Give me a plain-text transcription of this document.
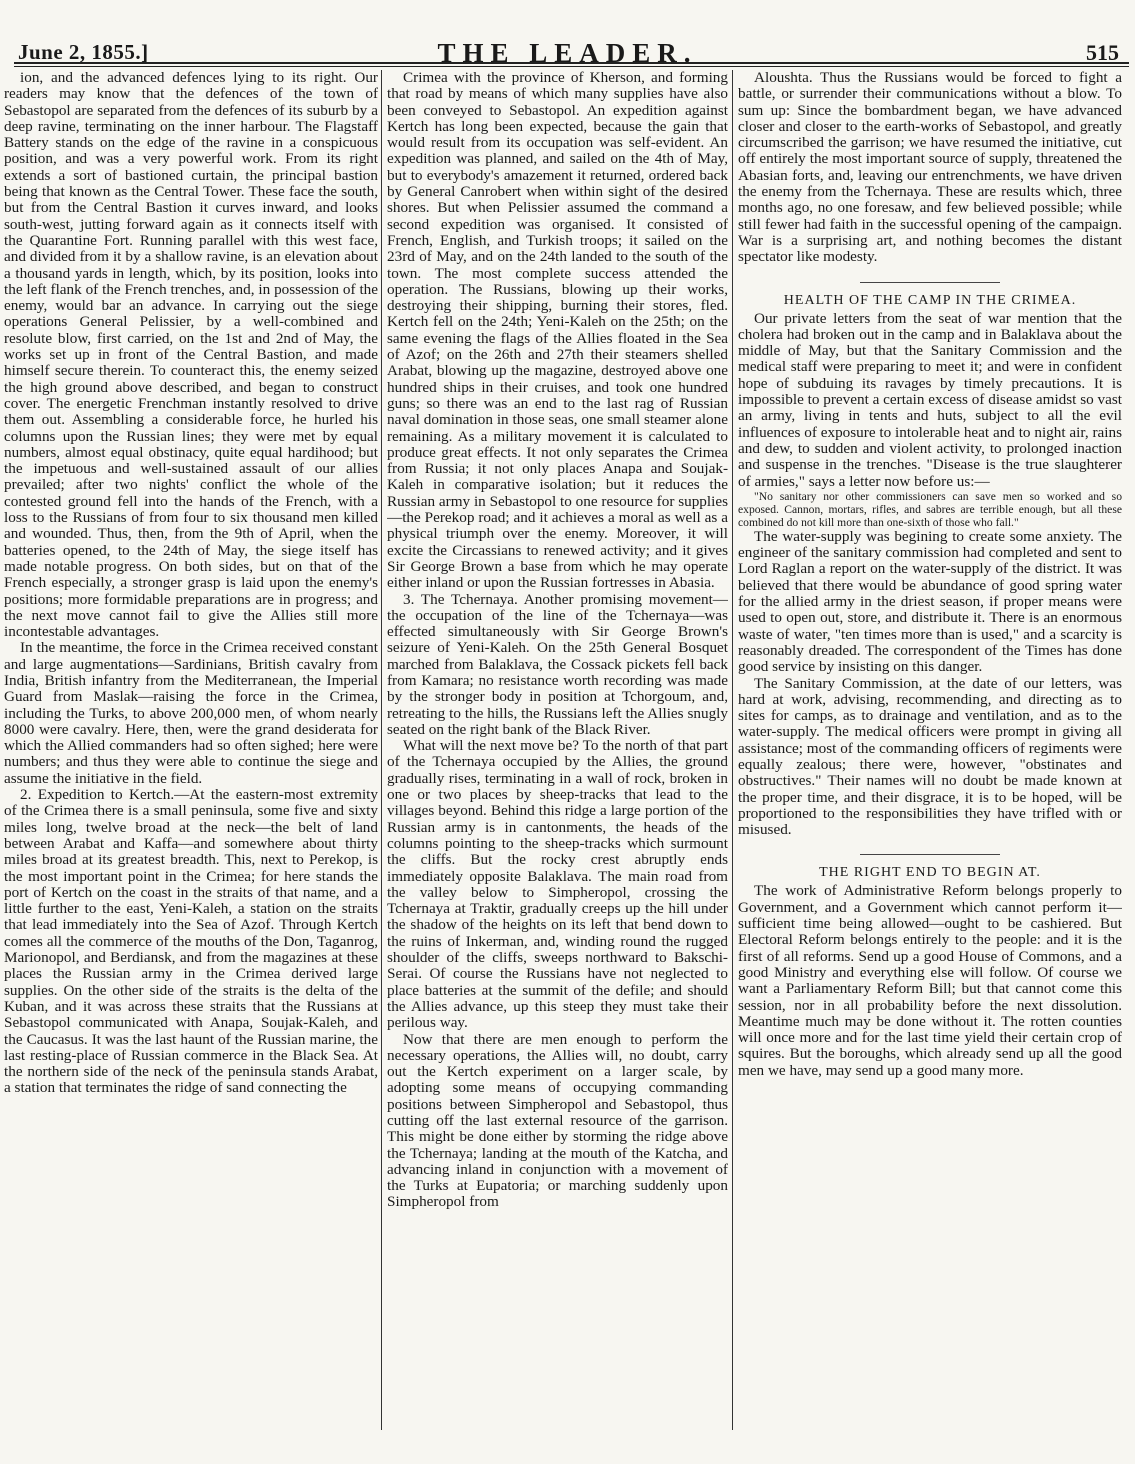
June 2, 1855.]	THE LEADER.	515

ion, and the advanced defences lying to its right. Our readers may know that the defences of the town of Sebastopol are separated from the defences of its suburb by a deep ravine, terminating on the inner harbour. The Flagstaff Battery stands on the edge of the ravine in a conspicuous position, and was a very powerful work. From its right extends a sort of bastioned curtain, the principal bastion being that known as the Central Tower. These face the south, but from the Central Bastion it curves inward, and looks south-west, jutting forward again as it connects itself with the Quarantine Fort. Running parallel with this west face, and divided from it by a shallow ravine, is an elevation about a thousand yards in length, which, by its position, looks into the left flank of the French trenches, and, in possession of the enemy, would bar an advance. In carrying out the siege operations General Pelissier, by a well-combined and resolute blow, first carried, on the 1st and 2nd of May, the works set up in front of the Central Bastion, and made himself secure therein. To counteract this, the enemy seized the high ground above described, and began to construct cover. The energetic Frenchman instantly resolved to drive them out. Assembling a considerable force, he hurled his columns upon the Russian lines; they were met by equal numbers, almost equal obstinacy, quite equal hardihood; but the impetuous and well-sustained assault of our allies prevailed; after two nights' conflict the whole of the contested ground fell into the hands of the French, with a loss to the Russians of from four to six thousand men killed and wounded. Thus, then, from the 9th of April, when the batteries opened, to the 24th of May, the siege itself has made notable progress. On both sides, but on that of the French especially, a stronger grasp is laid upon the enemy's positions; more formidable preparations are in progress; and the next move cannot fail to give the Allies still more incontestable advantages.

In the meantime, the force in the Crimea received constant and large augmentations—Sardinians, British cavalry from India, British infantry from the Mediterranean, the Imperial Guard from Maslak—raising the force in the Crimea, including the Turks, to above 200,000 men, of whom nearly 8000 were cavalry. Here, then, were the grand desiderata for which the Allied commanders had so often sighed; here were numbers; and thus they were able to continue the siege and assume the initiative in the field.

2. Expedition to Kertch.—At the eastern-most extremity of the Crimea there is a small peninsula, some five and sixty miles long, twelve broad at the neck—the belt of land between Arabat and Kaffa—and somewhere about thirty miles broad at its greatest breadth. This, next to Perekop, is the most important point in the Crimea; for here stands the port of Kertch on the coast in the straits of that name, and a little further to the east, Yeni-Kaleh, a station on the straits that lead immediately into the Sea of Azof. Through Kertch comes all the commerce of the mouths of the Don, Taganrog, Marionopol, and Berdiansk, and from the magazines at these places the Russian army in the Crimea derived large supplies. On the other side of the straits is the delta of the Kuban, and it was across these straits that the Russians at Sebastopol communicated with Anapa, Soujak-Kaleh, and the Caucasus. It was the last haunt of the Russian marine, the last resting-place of Russian commerce in the Black Sea. At the northern side of the neck of the peninsula stands Arabat, a station that terminates the ridge of sand connecting the

Crimea with the province of Kherson, and forming that road by means of which many supplies have also been conveyed to Sebastopol. An expedition against Kertch has long been expected, because the gain that would result from its occupation was self-evident. An expedition was planned, and sailed on the 4th of May, but to everybody's amazement it returned, ordered back by General Canrobert when within sight of the desired shores. But when Pelissier assumed the command a second expedition was organised. It consisted of French, English, and Turkish troops; it sailed on the 23rd of May, and on the 24th landed to the south of the town. The most complete success attended the operation. The Russians, blowing up their works, destroying their shipping, burning their stores, fled. Kertch fell on the 24th; Yeni-Kaleh on the 25th; on the same evening the flags of the Allies floated in the Sea of Azof; on the 26th and 27th their steamers shelled Arabat, blowing up the magazine, destroyed above one hundred ships in their cruises, and took one hundred guns; so there was an end to the last rag of Russian naval domination in those seas, one small steamer alone remaining. As a military movement it is calculated to produce great effects. It not only separates the Crimea from Russia; it not only places Anapa and Soujak-Kaleh in comparative isolation; but it reduces the Russian army in Sebastopol to one resource for supplies—the Perekop road; and it achieves a moral as well as a physical triumph over the enemy. Moreover, it will excite the Circassians to renewed activity; and it gives Sir George Brown a base from which he may operate either inland or upon the Russian fortresses in Abasia.

3. The Tchernaya. Another promising movement—the occupation of the line of the Tchernaya—was effected simultaneously with Sir George Brown's seizure of Yeni-Kaleh. On the 25th General Bosquet marched from Balaklava, the Cossack pickets fell back from Kamara; no resistance worth recording was made by the stronger body in position at Tchorgoum, and, retreating to the hills, the Russians left the Allies snugly seated on the right bank of the Black River.

What will the next move be? To the north of that part of the Tchernaya occupied by the Allies, the ground gradually rises, terminating in a wall of rock, broken in one or two places by sheep-tracks that lead to the villages beyond. Behind this ridge a large portion of the Russian army is in cantonments, the heads of the columns pointing to the sheep-tracks which surmount the cliffs. But the rocky crest abruptly ends immediately opposite Balaklava. The main road from the valley below to Simpheropol, crossing the Tchernaya at Traktir, gradually creeps up the hill under the shadow of the heights on its left that bend down to the ruins of Inkerman, and, winding round the rugged shoulder of the cliffs, sweeps northward to Bakschi-Serai. Of course the Russians have not neglected to place batteries at the summit of the defile; and should the Allies advance, up this steep they must take their perilous way.

Now that there are men enough to perform the necessary operations, the Allies will, no doubt, carry out the Kertch experiment on a larger scale, by adopting some means of occupying commanding positions between Simpheropol and Sebastopol, thus cutting off the last external resource of the garrison. This might be done either by storming the ridge above the Tchernaya; landing at the mouth of the Katcha, and advancing inland in conjunction with a movement of the Turks at Eupatoria; or marching suddenly upon Simpheropol from

Aloushta. Thus the Russians would be forced to fight a battle, or surrender their communications without a blow. To sum up: Since the bombardment began, we have advanced closer and closer to the earth-works of Sebastopol, and greatly circumscribed the garrison; we have resumed the initiative, cut off entirely the most important source of supply, threatened the Abasian forts, and, leaving our entrenchments, we have driven the enemy from the Tchernaya. These are results which, three months ago, no one foresaw, and few believed possible; while still fewer had faith in the successful opening of the campaign. War is a surprising art, and nothing becomes the distant spectator like modesty.

HEALTH OF THE CAMP IN THE CRIMEA.

Our private letters from the seat of war mention that the cholera had broken out in the camp and in Balaklava about the middle of May, but that the Sanitary Commission and the medical staff were preparing to meet it; and were in confident hope of subduing its ravages by timely precautions. It is impossible to prevent a certain excess of disease amidst so vast an army, living in tents and huts, subject to all the evil influences of exposure to intolerable heat and to night air, rains and dew, to sudden and violent activity, to prolonged inaction and suspense in the trenches. "Disease is the true slaughterer of armies," says a letter now before us:—

"No sanitary nor other commissioners can save men so worked and so exposed. Cannon, mortars, rifles, and sabres are terrible enough, but all these combined do not kill more than one-sixth of those who fall."

The water-supply was begining to create some anxiety. The engineer of the sanitary commission had completed and sent to Lord Raglan a report on the water-supply of the district. It was believed that there would be abundance of good spring water for the allied army in the driest season, if proper means were used to open out, store, and distribute it. There is an enormous waste of water, "ten times more than is used," and a scarcity is reasonably dreaded. The correspondent of the Times has done good service by insisting on this danger.

The Sanitary Commission, at the date of our letters, was hard at work, advising, recommending, and directing as to sites for camps, as to drainage and ventilation, and as to the water-supply. The medical officers were prompt in giving all assistance; most of the commanding officers of regiments were equally zealous; there were, however, "obstinates and obstructives." Their names will no doubt be made known at the proper time, and their disgrace, it is to be hoped, will be proportioned to the responsibilities they have trifled with or misused.

THE RIGHT END TO BEGIN AT.

The work of Administrative Reform belongs properly to Government, and a Government which cannot perform it—sufficient time being allowed—ought to be cashiered. But Electoral Reform belongs entirely to the people: and it is the first of all reforms. Send up a good House of Commons, and a good Ministry and everything else will follow. Of course we want a Parliamentary Reform Bill; but that cannot come this session, nor in all probability before the next dissolution. Meantime much may be done without it. The rotten counties will once more and for the last time yield their certain crop of squires. But the boroughs, which already send up all the good men we have, may send up a good many more.
